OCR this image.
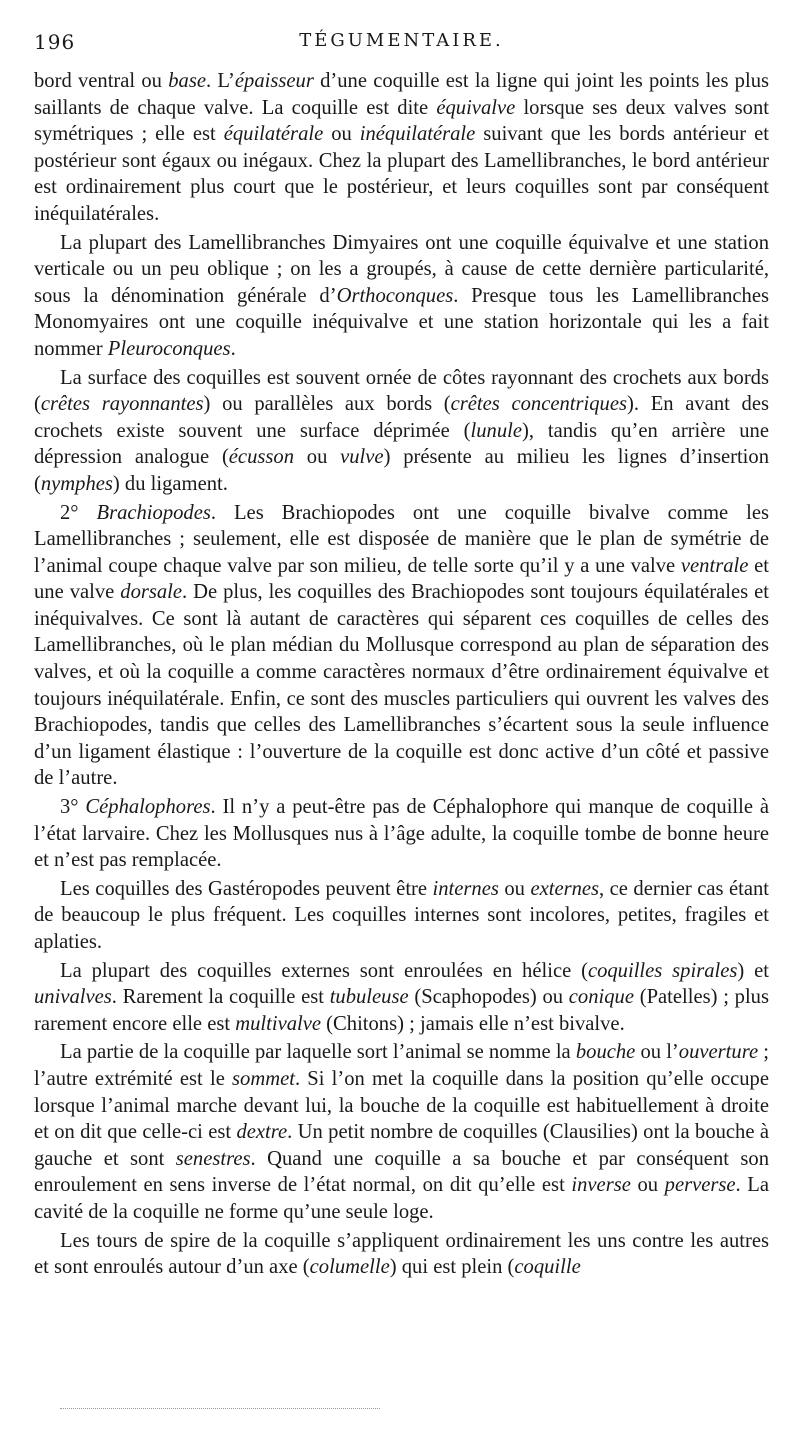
196	TÉGUMENTAIRE.

bord ventral ou base. L’épaisseur d’une coquille est la ligne qui joint les points les plus saillants de chaque valve. La coquille est dite équivalve lorsque ses deux valves sont symétriques ; elle est équilatérale ou inéquilatérale suivant que les bords antérieur et postérieur sont égaux ou inégaux. Chez la plupart des Lamellibranches, le bord antérieur est ordinairement plus court que le postérieur, et leurs coquilles sont par conséquent inéquilatérales.

La plupart des Lamellibranches Dimyaires ont une coquille équivalve et une station verticale ou un peu oblique ; on les a groupés, à cause de cette dernière particularité, sous la dénomination générale d’Orthoconques. Presque tous les Lamellibranches Monomyaires ont une coquille inéquivalve et une station horizontale qui les a fait nommer Pleuroconques.

La surface des coquilles est souvent ornée de côtes rayonnant des crochets aux bords (crêtes rayonnantes) ou parallèles aux bords (crêtes concentriques). En avant des crochets existe souvent une surface déprimée (lunule), tandis qu’en arrière une dépression analogue (écusson ou vulve) présente au milieu les lignes d’insertion (nymphes) du ligament.

2° Brachiopodes. Les Brachiopodes ont une coquille bivalve comme les Lamellibranches ; seulement, elle est disposée de manière que le plan de symétrie de l’animal coupe chaque valve par son milieu, de telle sorte qu’il y a une valve ventrale et une valve dorsale. De plus, les coquilles des Brachiopodes sont toujours équilatérales et inéquivalves. Ce sont là autant de caractères qui séparent ces coquilles de celles des Lamellibranches, où le plan médian du Mollusque correspond au plan de séparation des valves, et où la coquille a comme caractères normaux d’être ordinairement équivalve et toujours inéquilatérale. Enfin, ce sont des muscles particuliers qui ouvrent les valves des Brachiopodes, tandis que celles des Lamellibranches s’écartent sous la seule influence d’un ligament élastique : l’ouverture de la coquille est donc active d’un côté et passive de l’autre.

3° Céphalophores. Il n’y a peut-être pas de Céphalophore qui manque de coquille à l’état larvaire. Chez les Mollusques nus à l’âge adulte, la coquille tombe de bonne heure et n’est pas remplacée.

Les coquilles des Gastéropodes peuvent être internes ou externes, ce dernier cas étant de beaucoup le plus fréquent. Les coquilles internes sont incolores, petites, fragiles et aplaties.

La plupart des coquilles externes sont enroulées en hélice (coquilles spirales) et univalves. Rarement la coquille est tubuleuse (Scaphopodes) ou conique (Patelles) ; plus rarement encore elle est multivalve (Chitons) ; jamais elle n’est bivalve.

La partie de la coquille par laquelle sort l’animal se nomme la bouche ou l’ouverture ; l’autre extrémité est le sommet. Si l’on met la coquille dans la position qu’elle occupe lorsque l’animal marche devant lui, la bouche de la coquille est habituellement à droite et on dit que celle-ci est dextre. Un petit nombre de coquilles (Clausilies) ont la bouche à gauche et sont senestres. Quand une coquille a sa bouche et par conséquent son enroulement en sens inverse de l’état normal, on dit qu’elle est inverse ou perverse. La cavité de la coquille ne forme qu’une seule loge.

Les tours de spire de la coquille s’appliquent ordinairement les uns contre les autres et sont enroulés autour d’un axe (columelle) qui est plein (coquille
